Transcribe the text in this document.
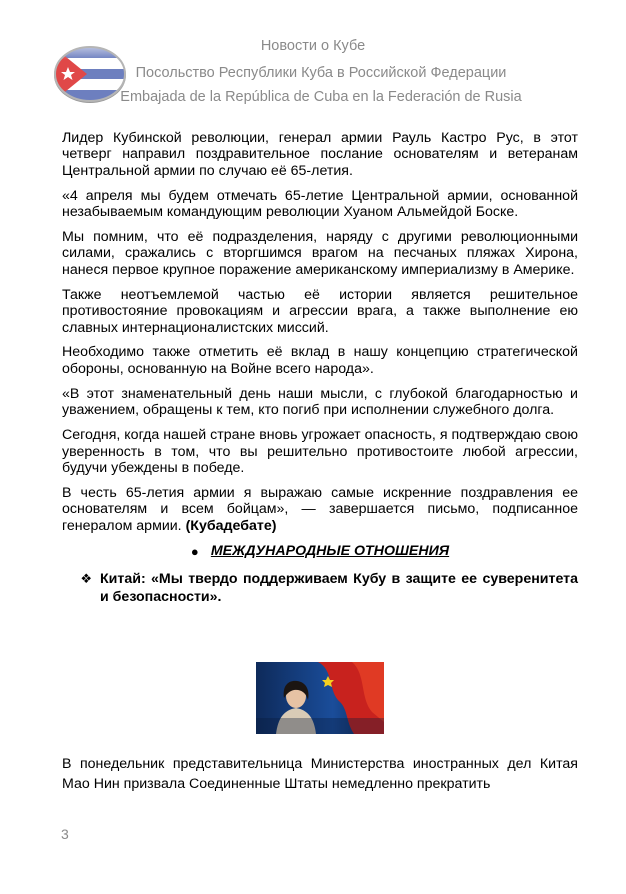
Новости о Кубе
Посольство Республики Куба в Российской Федерации
Embajada de la República de Cuba en la Federación de Rusia

Лидер Кубинской революции, генерал армии Рауль Кастро Рус, в этот четверг направил поздравительное послание основателям и ветеранам Центральной армии по случаю её 65-летия.

«4 апреля мы будем отмечать 65-летие Центральной армии, основанной незабываемым командующим революции Хуаном Альмейдой Боске.

Мы помним, что её подразделения, наряду с другими революционными силами, сражались с вторгшимся врагом на песчаных пляжах Хирона, нанеся первое крупное поражение американскому империализму в Америке.

Также неотъемлемой частью её истории является решительное противостояние провокациям и агрессии врага, а также выполнение ею славных интернационалистских миссий.

Необходимо также отметить её вклад в нашу концепцию стратегической обороны, основанную на Войне всего народа».

«В этот знаменательный день наши мысли, с глубокой благодарностью и уважением, обращены к тем, кто погиб при исполнении служебного долга.

Сегодня, когда нашей стране вновь угрожает опасность, я подтверждаю свою уверенность в том, что вы решительно противостоите любой агрессии, будучи убеждены в победе.

В честь 65-летия армии я выражаю самые искренние поздравления ее основателям и всем бойцам», — завершается письмо, подписанное генералом армии. (Кубадебате)

● МЕЖДУНАРОДНЫЕ ОТНОШЕНИЯ
❖ Китай: «Мы твердо поддерживаем Кубу в защите ее суверенитета и безопасности».

В понедельник представительница Министерства иностранных дел Китая Мао Нин призвала Соединенные Штаты немедленно прекратить

3
